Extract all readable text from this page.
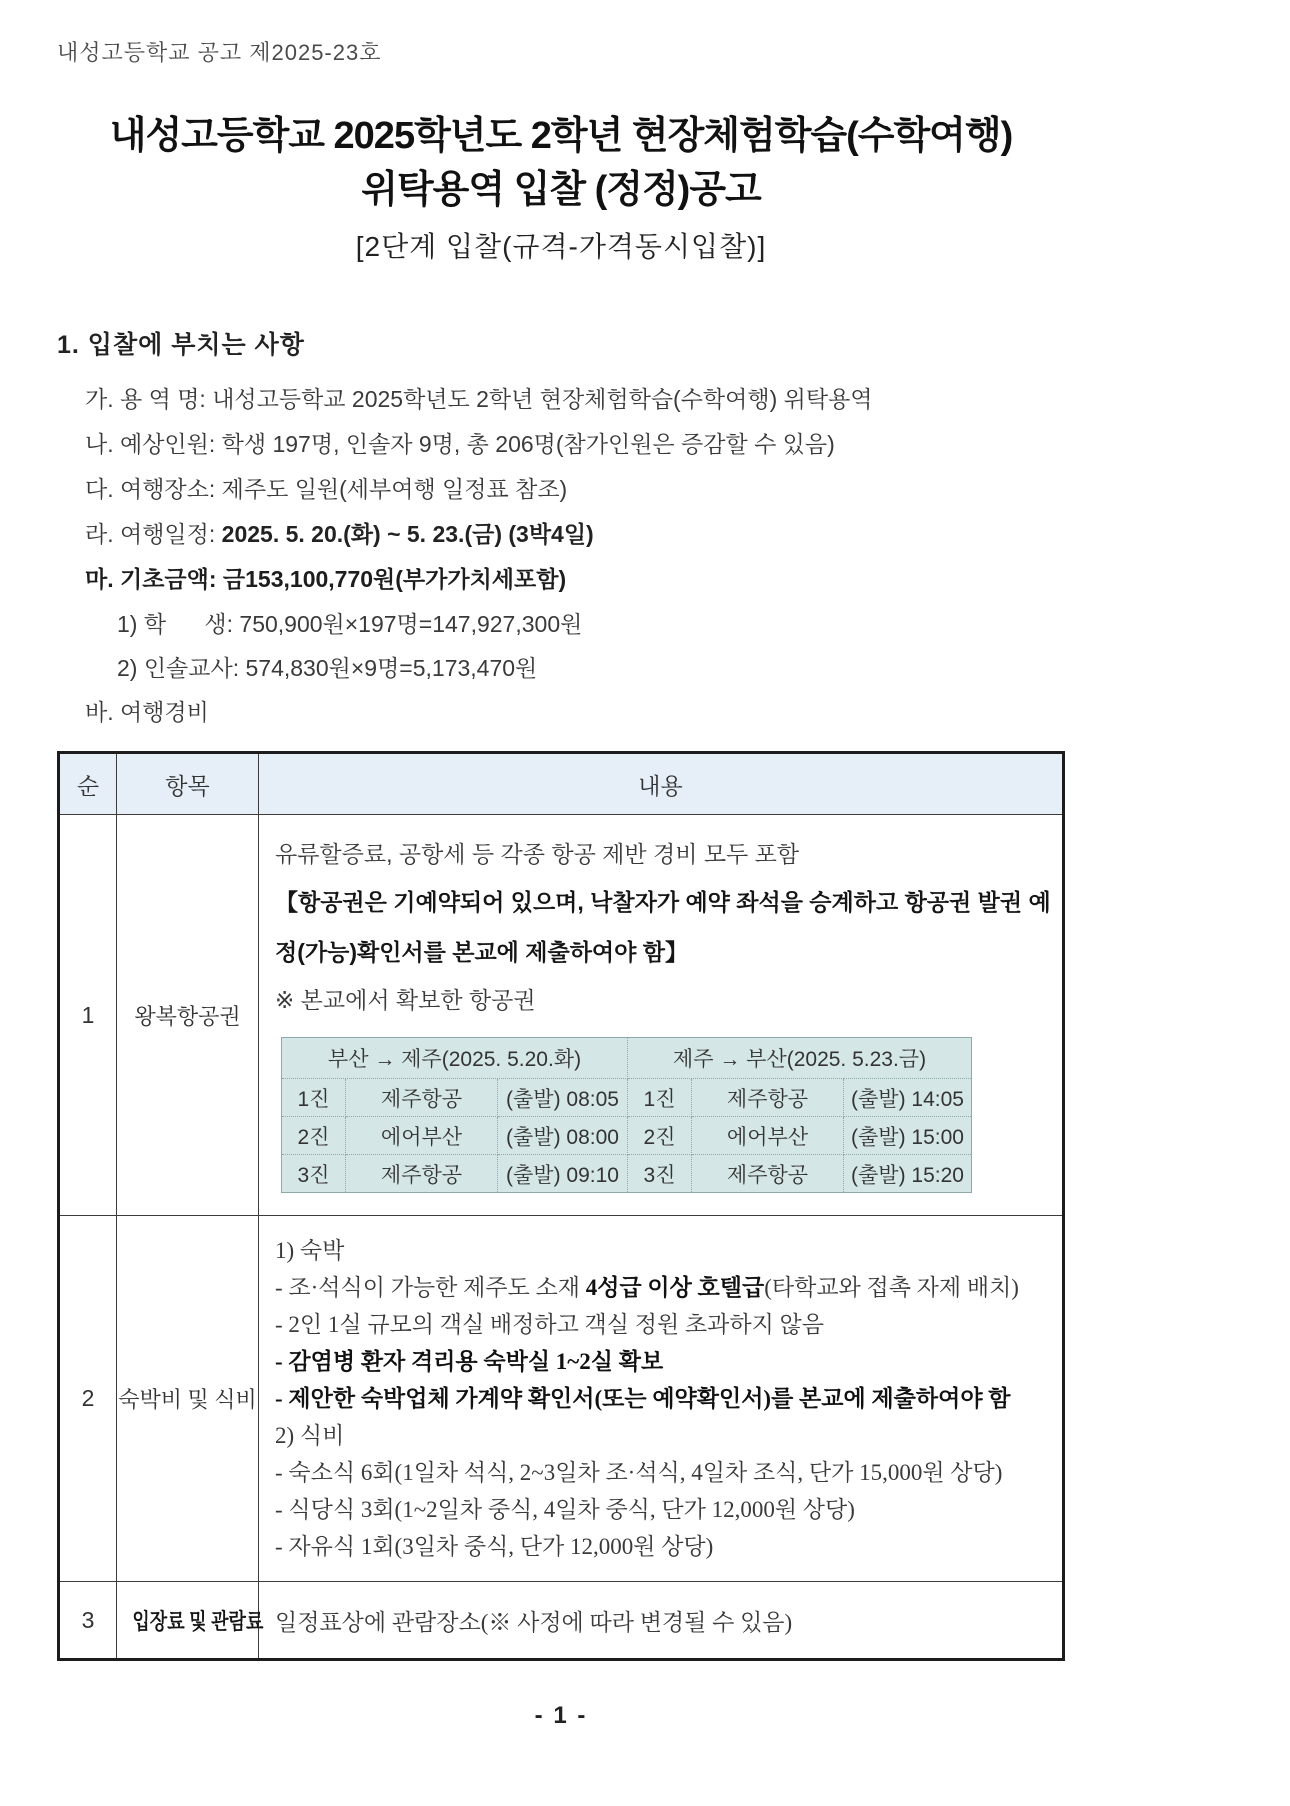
내성고등학교 공고 제2025-23호
내성고등학교 2025학년도 2학년 현장체험학습(수학여행)
위탁용역 입찰 (정정)공고
[2단계 입찰(규격-가격동시입찰)]
1. 입찰에 부치는 사항
가. 용 역 명: 내성고등학교 2025학년도 2학년 현장체험학습(수학여행) 위탁용역
나. 예상인원: 학생 197명, 인솔자 9명, 총 206명(참가인원은 증감할 수 있음)
다. 여행장소: 제주도 일원(세부여행 일정표 참조)
라. 여행일정: 2025. 5. 20.(화) ~ 5. 23.(금) (3박4일)
마. 기초금액: 금153,100,770원(부가가치세포함)
1) 학      생: 750,900원×197명=147,927,300원
2) 인솔교사: 574,830원×9명=5,173,470원
바. 여행경비
순	항목	내용
1	왕복항공권	
유류할증료, 공항세 등 각종 항공 제반 경비 모두 포함
【항공권은 기예약되어 있으며, 낙찰자가 예약 좌석을 승계하고 항공권 발권 예정(가능)확인서를 본교에 제출하여야 함】
※ 본교에서 확보한 항공권
부산 → 제주(2025. 5.20.화)	제주 → 부산(2025. 5.23.금)
1진	제주항공	(출발) 08:05	1진	제주항공	(출발) 14:05
2진	에어부산	(출발) 08:00	2진	에어부산	(출발) 15:00
3진	제주항공	(출발) 09:10	3진	제주항공	(출발) 15:20

2	숙박비 및 식비	
1) 숙박
- 조·석식이 가능한 제주도 소재 4성급 이상 호텔급(타학교와 접촉 자제 배치)
- 2인 1실 규모의 객실 배정하고 객실 정원 초과하지 않음
- 감염병 환자 격리용 숙박실 1~2실 확보
- 제안한 숙박업체 가계약 확인서(또는 예약확인서)를 본교에 제출하여야 함
2) 식비
- 숙소식 6회(1일차 석식, 2~3일차 조·석식, 4일차 조식, 단가 15,000원 상당)
- 식당식 3회(1~2일차 중식, 4일차 중식, 단가 12,000원 상당)
- 자유식 1회(3일차 중식, 단가 12,000원 상당)

3	입장료 및 관람료	일정표상에 관람장소(※ 사정에 따라 변경될 수 있음)
- 1 -
